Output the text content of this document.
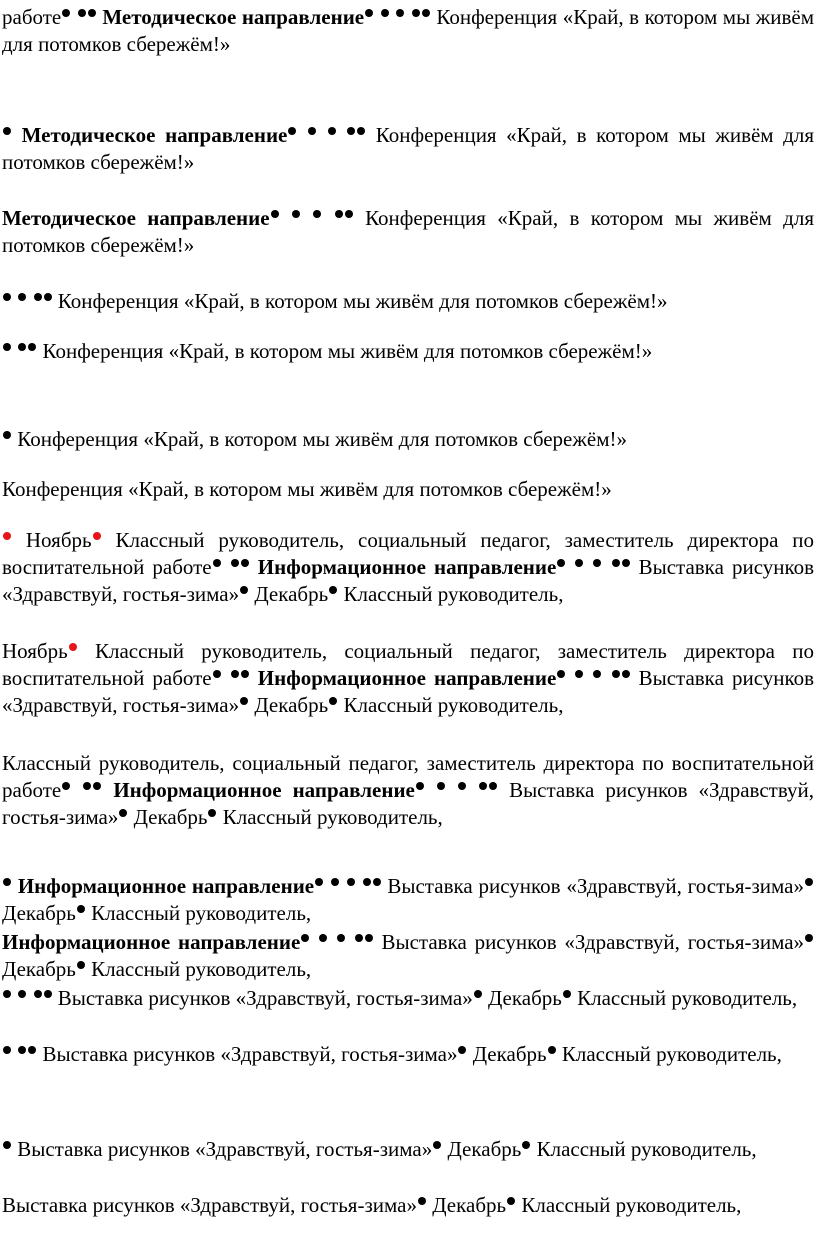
работе Методическое направление	Конференция «Край, в котором мы живём для потомков сбережём!»
Методическое направление	Конференция «Край, в котором мы живём для потомков сбережём!»
Методическое направление	Конференция «Край, в котором мы живём для потомков сбережём!»
Конференция «Край, в котором мы живём для потомков сбережём!»
Конференция «Край, в котором мы живём для потомков сбережём!»
Конференция «Край, в котором мы живём для потомков сбережём!»
Конференция «Край, в котором мы живём для потомков сбережём!»
Ноябрь Классный руководитель, социальный педагог, заместитель директора по воспитательной работе Информационное направление	Выставка рисунков «Здравствуй, гостья-зима» Декабрь Классный руководитель,
Ноябрь Классный руководитель, социальный педагог, заместитель директора по воспитательной работе Информационное направление	Выставка рисунков «Здравствуй, гостья-зима» Декабрь Классный руководитель,
Классный руководитель, социальный педагог, заместитель директора по воспитательной работе Информационное направление	Выставка рисунков «Здравствуй, гостья-зима» Декабрь Классный руководитель,
Информационное направление	Выставка рисунков «Здравствуй, гостья-зима» Декабрь Классный руководитель,
Информационное направление	Выставка рисунков «Здравствуй, гостья-зима» Декабрь Классный руководитель,
Выставка рисунков «Здравствуй, гостья-зима» Декабрь Классный руководитель,
Выставка рисунков «Здравствуй, гостья-зима» Декабрь Классный руководитель,
Выставка рисунков «Здравствуй, гостья-зима» Декабрь Классный руководитель,
Выставка рисунков «Здравствуй, гостья-зима» Декабрь Классный руководитель,
